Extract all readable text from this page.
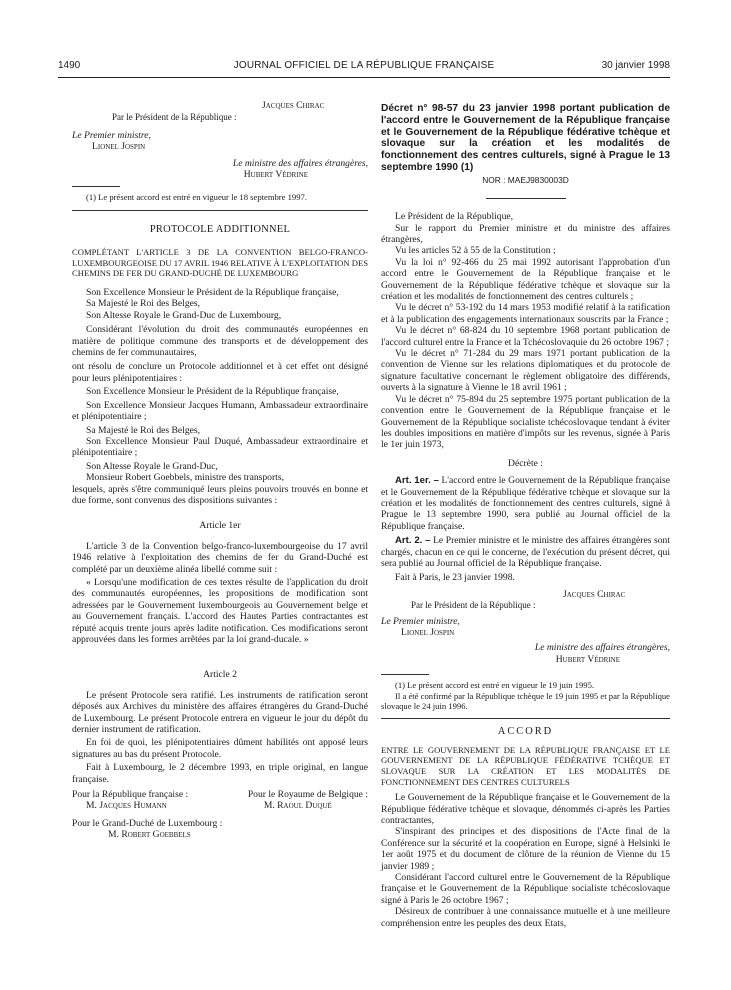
1490	JOURNAL OFFICIEL DE LA RÉPUBLIQUE FRANÇAISE	30 janvier 1998

Jacques Chirac

Par le Président de la République :

Le Premier ministre,

Lionel Jospin

Le ministre des affaires étrangères,

Hubert Védrine

(1) Le présent accord est entré en vigueur le 18 septembre 1997.

PROTOCOLE ADDITIONNEL

COMPLÉTANT L'ARTICLE 3 DE LA CONVENTION BELGO-FRANCO-LUXEMBOURGEOISE DU 17 AVRIL 1946 RELATIVE À L'EXPLOITATION DES CHEMINS DE FER DU GRAND-DUCHÉ DE LUXEMBOURG

Son Excellence Monsieur le Président de la République française,

Sa Majesté le Roi des Belges,

Son Altesse Royale le Grand-Duc de Luxembourg,

Considérant l'évolution du droit des communautés européennes en matière de politique commune des transports et de développement des chemins de fer communautaires,

ont résolu de conclure un Protocole additionnel et à cet effet ont désigné pour leurs plénipotentiaires :

Son Excellence Monsieur le Président de la République française,

Son Excellence Monsieur Jacques Humann, Ambassadeur extraordinaire et plénipotentiaire ;

Sa Majesté le Roi des Belges,

Son Excellence Monsieur Paul Duqué, Ambassadeur extraordinaire et plénipotentiaire ;

Son Altesse Royale le Grand-Duc,

Monsieur Robert Goebbels, ministre des transports,

lesquels, après s'être communiqué leurs pleins pouvoirs trouvés en bonne et due forme, sont convenus des dispositions suivantes :

Article 1er

L'article 3 de la Convention belgo-franco-luxembourgeoise du 17 avril 1946 relative à l'exploitation des chemins de fer du Grand-Duché est complété par un deuxième alinéa libellé comme suit :

« Lorsqu'une modification de ces textes résulte de l'application du droit des communautés européennes, les propositions de modification sont adressées par le Gouvernement luxembourgeois au Gouvernement belge et au Gouvernement français. L'accord des Hautes Parties contractantes est réputé acquis trente jours après ladite notification. Ces modifications seront approuvées dans les formes arrêtées par la loi grand-ducale. »

Article 2

Le présent Protocole sera ratifié. Les instruments de ratification seront déposés aux Archives du ministère des affaires étrangères du Grand-Duché de Luxembourg. Le présent Protocole entrera en vigueur le jour du dépôt du dernier instrument de ratification.

En foi de quoi, les plénipotentiaires dûment habilités ont apposé leurs signatures au bas du présent Protocole.

Fait à Luxembourg, le 2 décembre 1993, en triple original, en langue française.

Pour la République française :

M. Jacques Humann

Pour le Royaume de Belgique :

M. Raoul Duqué

Pour le Grand-Duché de Luxembourg :

M. Robert Goebbels

Décret n° 98-57 du 23 janvier 1998 portant publication de l'accord entre le Gouvernement de la République française et le Gouvernement de la République fédérative tchèque et slovaque sur la création et les modalités de fonctionnement des centres culturels, signé à Prague le 13 septembre 1990 (1)

NOR : MAEJ9830003D

Le Président de la République,

Sur le rapport du Premier ministre et du ministre des affaires étrangères,

Vu les articles 52 à 55 de la Constitution ;

Vu la loi n° 92-466 du 25 mai 1992 autorisant l'approbation d'un accord entre le Gouvernement de la République française et le Gouvernement de la République fédérative tchèque et slovaque sur la création et les modalités de fonctionnement des centres culturels ;

Vu le décret n° 53-192 du 14 mars 1953 modifié relatif à la ratification et à la publication des engagements internationaux souscrits par la France ;

Vu le décret n° 68-824 du 10 septembre 1968 portant publication de l'accord culturel entre la France et la Tchécoslovaquie du 26 octobre 1967 ;

Vu le décret n° 71-284 du 29 mars 1971 portant publication de la convention de Vienne sur les relations diplomatiques et du protocole de signature facultative concernant le règlement obligatoire des différends, ouverts à la signature à Vienne le 18 avril 1961 ;

Vu le décret n° 75-894 du 25 septembre 1975 portant publication de la convention entre le Gouvernement de la République française et le Gouvernement de la République socialiste tchécoslovaque tendant à éviter les doubles impositions en matière d'impôts sur les revenus, signée à Paris le 1er juin 1973,

Décrète :

Art. 1er. – L'accord entre le Gouvernement de la République française et le Gouvernement de la République fédérative tchèque et slovaque sur la création et les modalités de fonctionnement des centres culturels, signé à Prague le 13 septembre 1990, sera publié au Journal officiel de la République française.

Art. 2. – Le Premier ministre et le ministre des affaires étrangères sont chargés, chacun en ce qui le concerne, de l'exécution du présent décret, qui sera publié au Journal officiel de la République française.

Fait à Paris, le 23 janvier 1998.

Jacques Chirac

Par le Président de la République :

Le Premier ministre,

Lionel Jospin

Le ministre des affaires étrangères,

Hubert Védrine

(1) Le présent accord est entré en vigueur le 19 juin 1995.

Il a été confirmé par la République tchèque le 19 juin 1995 et par la République slovaque le 24 juin 1996.

ACCORD

ENTRE LE GOUVERNEMENT DE LA RÉPUBLIQUE FRANÇAISE ET LE GOUVERNEMENT DE LA RÉPUBLIQUE FÉDÉRATIVE TCHÈQUE ET SLOVAQUE SUR LA CRÉATION ET LES MODALITÉS DE FONCTIONNEMENT DES CENTRES CULTURELS

Le Gouvernement de la République française et le Gouvernement de la République fédérative tchèque et slovaque, dénommés ci-après les Parties contractantes,

S'inspirant des principes et des dispositions de l'Acte final de la Conférence sur la sécurité et la coopération en Europe, signé à Helsinki le 1er août 1975 et du document de clôture de la réunion de Vienne du 15 janvier 1989 ;

Considérant l'accord culturel entre le Gouvernement de la République française et le Gouvernement de la République socialiste tchécoslovaque signé à Paris le 26 octobre 1967 ;

Désireux de contribuer à une connaissance mutuelle et à une meilleure compréhension entre les peuples des deux Etats,
